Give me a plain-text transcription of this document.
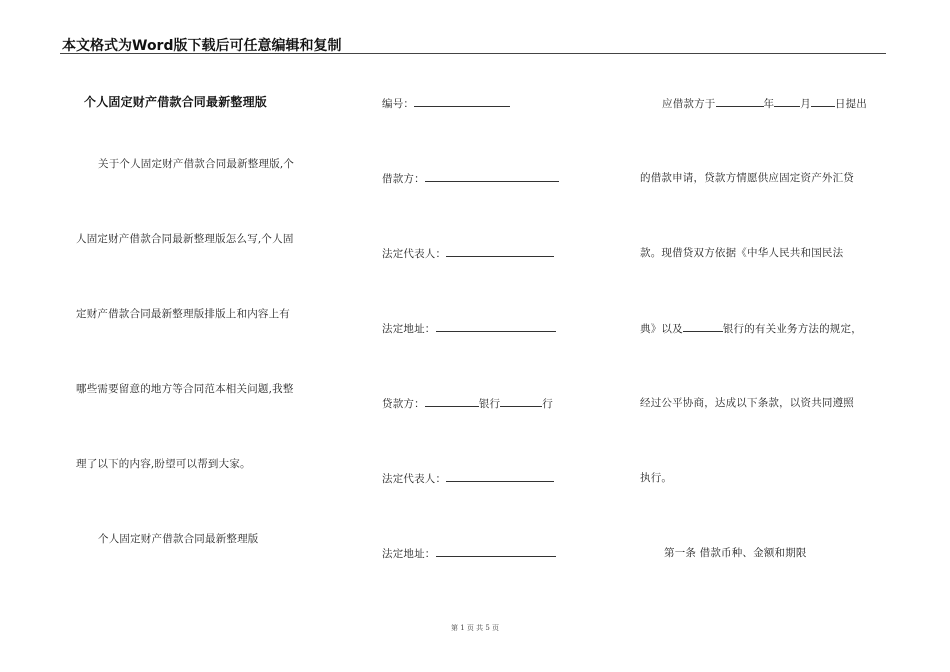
本文格式为Word版下载后可任意编辑和复制
个人固定财产借款合同最新整理版
关于个人固定财产借款合同最新整理版,个
人固定财产借款合同最新整理版怎么写,个人固
定财产借款合同最新整理版排版上和内容上有
哪些需要留意的地方等合同范本相关问题,我整
理了以下的内容,盼望可以帮到大家。
个人固定财产借款合同最新整理版
编号：
借款方：
法定代表人：
法定地址：
贷款方：	银行	行
法定代表人：
法定地址：
应借款方于	年 月 日提出
的借款申请，贷款方情愿供应固定资产外汇贷
款。现借贷双方依据《中华人民共和国民法
典》以及	银行的有关业务方法的规定，
经过公平协商，达成以下条款，以资共同遵照
执行。
第一条 借款币种、金额和期限
第 1 页 共 5 页
